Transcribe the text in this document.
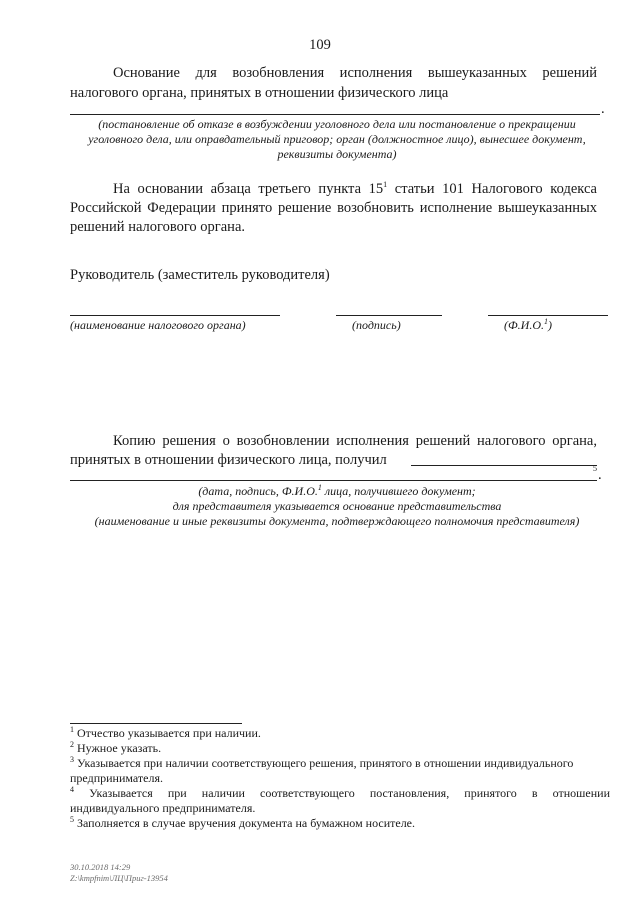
109
Основание для возобновления исполнения вышеуказанных решений
налогового органа, принятых в отношении физического лица
.
(постановление об отказе в возбуждении уголовного дела или постановление о прекращении
уголовного дела, или оправдательный приговор; орган (должностное лицо), вынесшее документ,
реквизиты документа)
На основании абзаца третьего пункта $15^1$ статьи 101 Налогового кодекса
Российской Федерации принято решение возобновить исполнение вышеуказанных
решений налогового органа.
Руководитель (заместитель руководителя)
(наименование налогового органа)	(подпись)	(Ф.И.О.$^1$)
Копию решения о возобновлении исполнения решений налогового органа,
принятых в отношении физического лица, получил
5 .
(дата, подпись, Ф.И.О.$^1$ лица, получившего документ;
для представителя указывается основание представительства
(наименование и иные реквизиты документа, подтверждающего полномочия представителя)
$^1$ Отчество указывается при наличии.
$^2$ Нужное указать.
$^3$ Указывается при наличии соответствующего решения, принятого в отношении индивидуального
предпринимателя.
$^4$ Указывается при наличии соответствующего постановления, принятого в отношении
индивидуального предпринимателя.
$^5$ Заполняется в случае вручения документа на бумажном носителе.
30.10.2018 14:29
Z:\kmpfnim\ЛЦ\Приг-13954
